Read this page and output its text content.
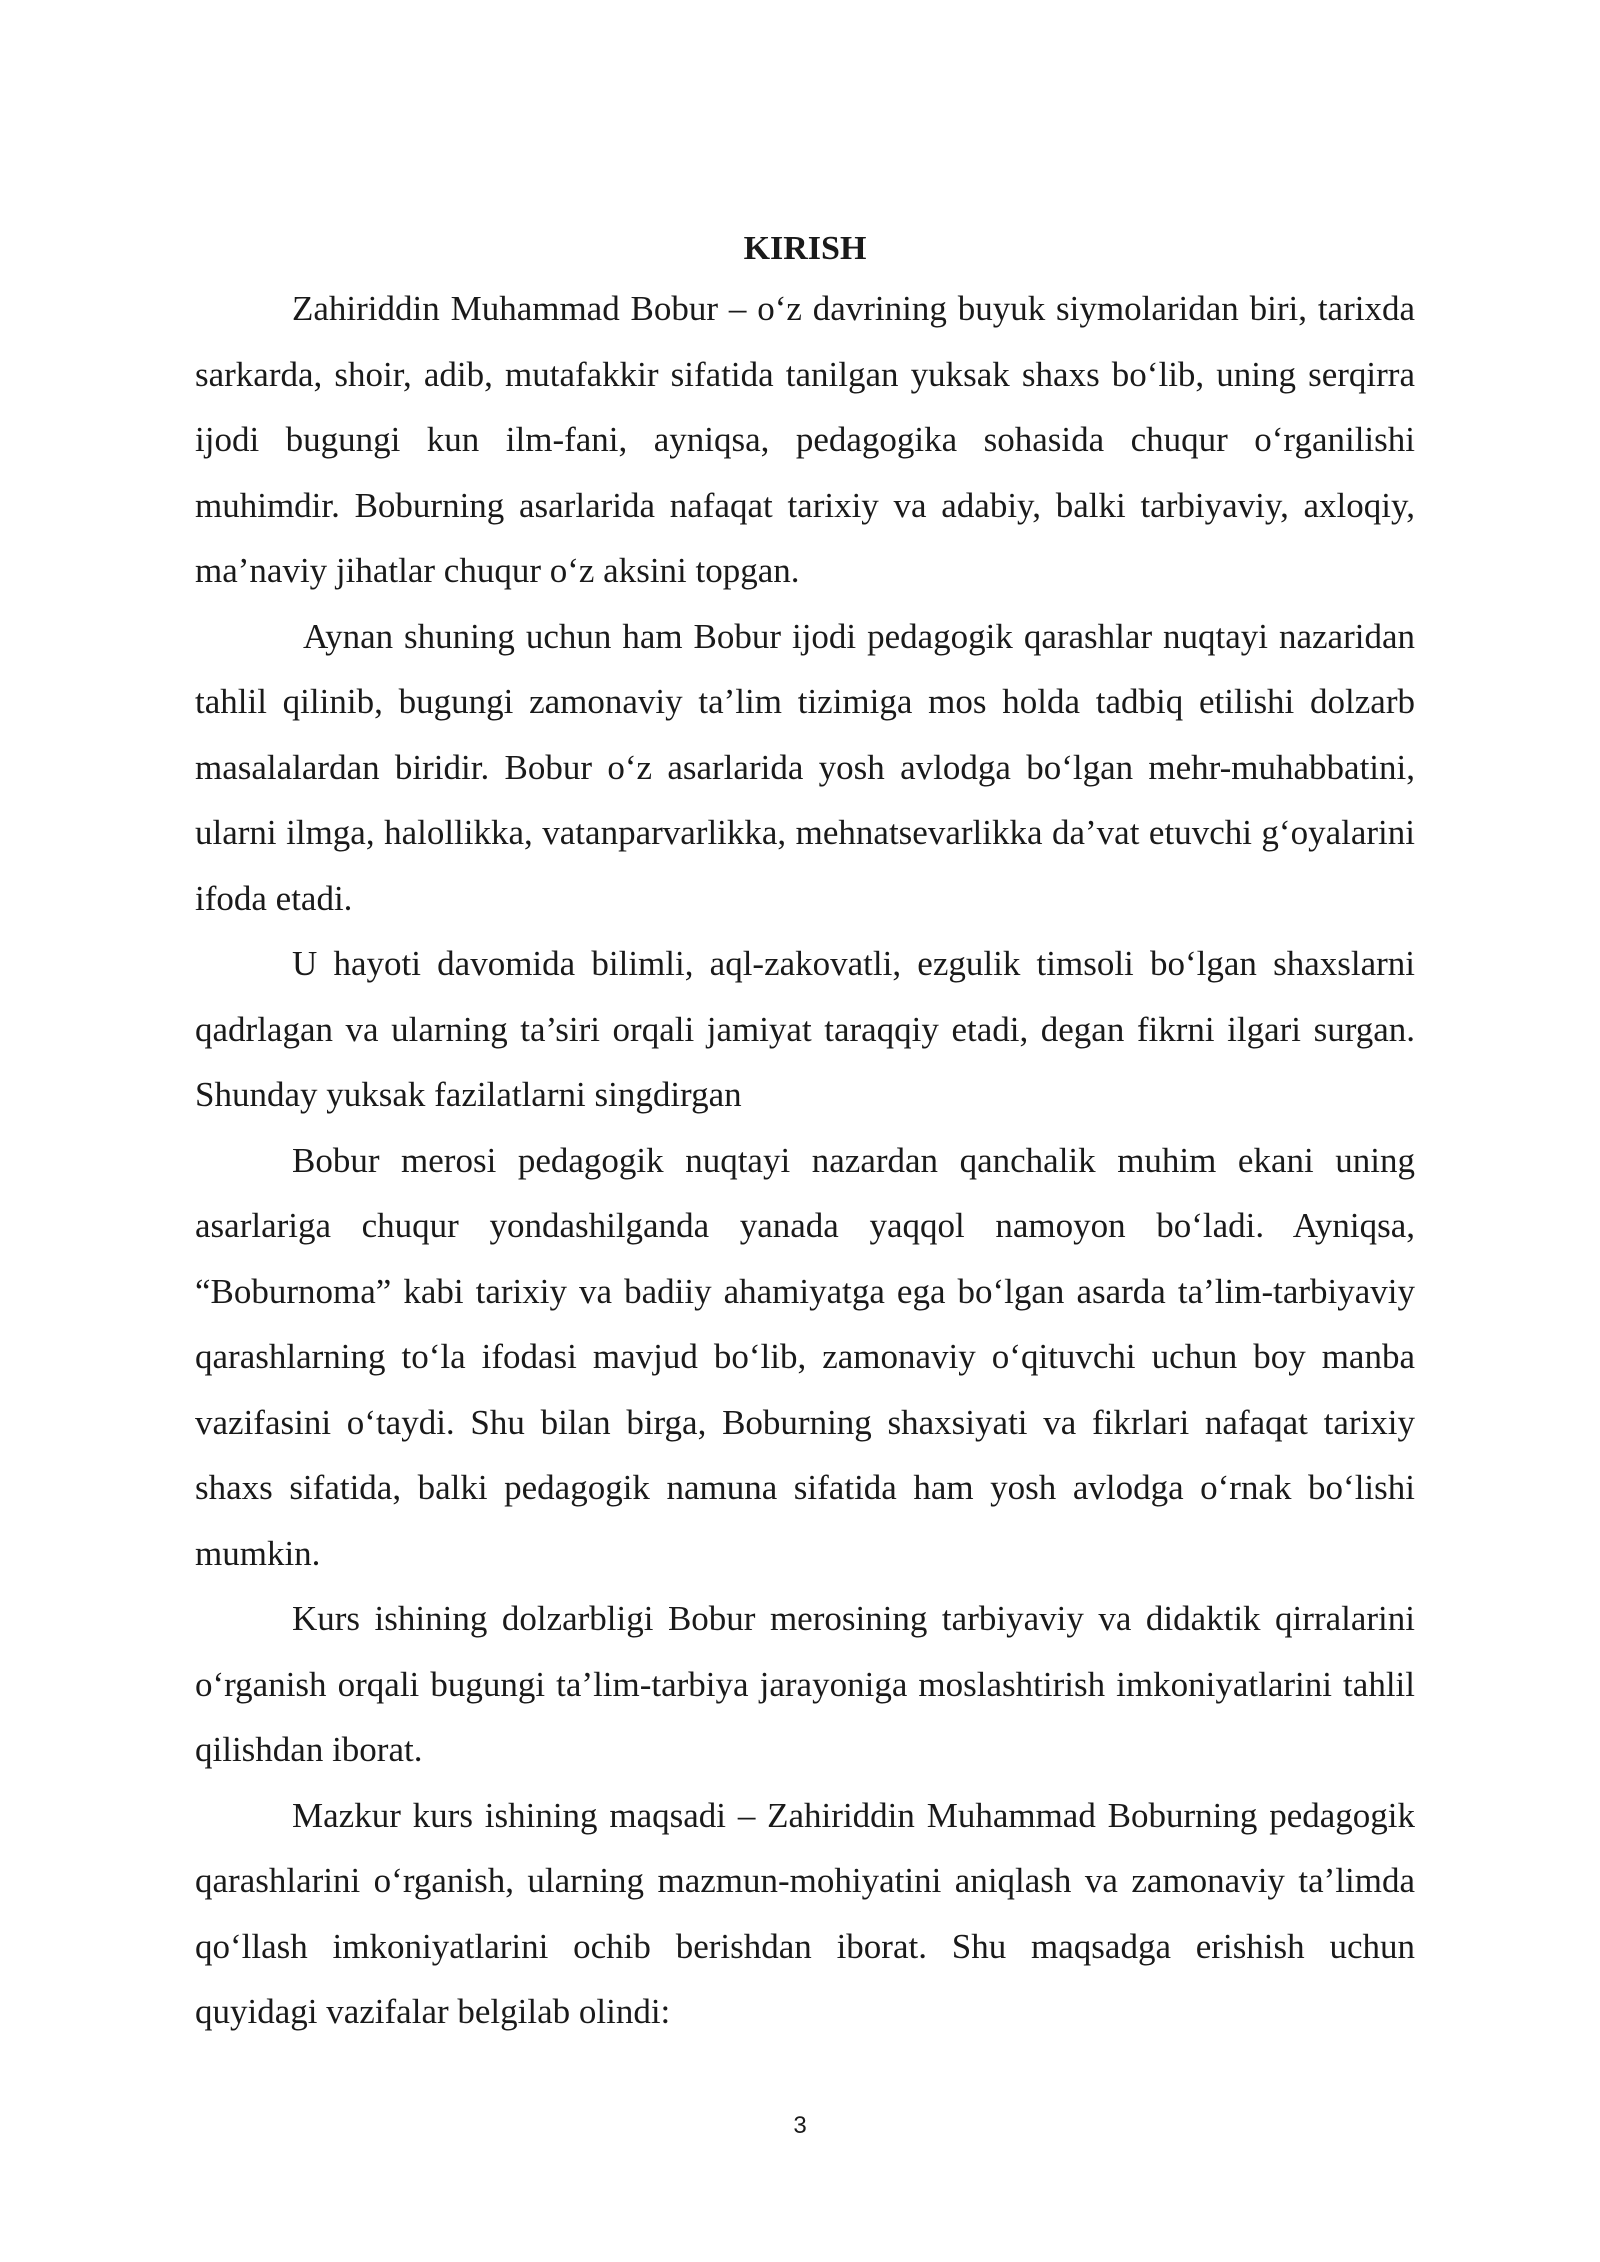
KIRISH

Zahiriddin Muhammad Bobur – o‘z davrining buyuk siymolaridan biri, tarixda sarkarda, shoir, adib, mutafakkir sifatida tanilgan yuksak shaxs bo‘lib, uning serqirra ijodi bugungi kun ilm-fani, ayniqsa, pedagogika sohasida chuqur o‘rganilishi muhimdir. Boburning asarlarida nafaqat tarixiy va adabiy, balki tarbiyaviy, axloqiy, ma’naviy jihatlar chuqur o‘z aksini topgan.

Aynan shuning uchun ham Bobur ijodi pedagogik qarashlar nuqtayi nazaridan tahlil qilinib, bugungi zamonaviy ta’lim tizimiga mos holda tadbiq etilishi dolzarb masalalardan biridir. Bobur o‘z asarlarida yosh avlodga bo‘lgan mehr-muhabbatini, ularni ilmga, halollikka, vatanparvarlikka, mehnatsevarlikka da’vat etuvchi g‘oyalarini ifoda etadi.

U hayoti davomida bilimli, aql-zakovatli, ezgulik timsoli bo‘lgan shaxslarni qadrlagan va ularning ta’siri orqali jamiyat taraqqiy etadi, degan fikrni ilgari surgan. Shunday yuksak fazilatlarni singdirgan

Bobur merosi pedagogik nuqtayi nazardan qanchalik muhim ekani uning asarlariga chuqur yondashilganda yanada yaqqol namoyon bo‘ladi. Ayniqsa, “Boburnoma” kabi tarixiy va badiiy ahamiyatga ega bo‘lgan asarda ta’lim-tarbiyaviy qarashlarning to‘la ifodasi mavjud bo‘lib, zamonaviy o‘qituvchi uchun boy manba vazifasini o‘taydi. Shu bilan birga, Boburning shaxsiyati va fikrlari nafaqat tarixiy shaxs sifatida, balki pedagogik namuna sifatida ham yosh avlodga o‘rnak bo‘lishi mumkin.

Kurs ishining dolzarbligi Bobur merosining tarbiyaviy va didaktik qirralarini o‘rganish orqali bugungi ta’lim-tarbiya jarayoniga moslashtirish imkoniyatlarini tahlil qilishdan iborat.

Mazkur kurs ishining maqsadi – Zahiriddin Muhammad Boburning pedagogik qarashlarini o‘rganish, ularning mazmun-mohiyatini aniqlash va zamonaviy ta’limda qo‘llash imkoniyatlarini ochib berishdan iborat. Shu maqsadga erishish uchun quyidagi vazifalar belgilab olindi:

3
